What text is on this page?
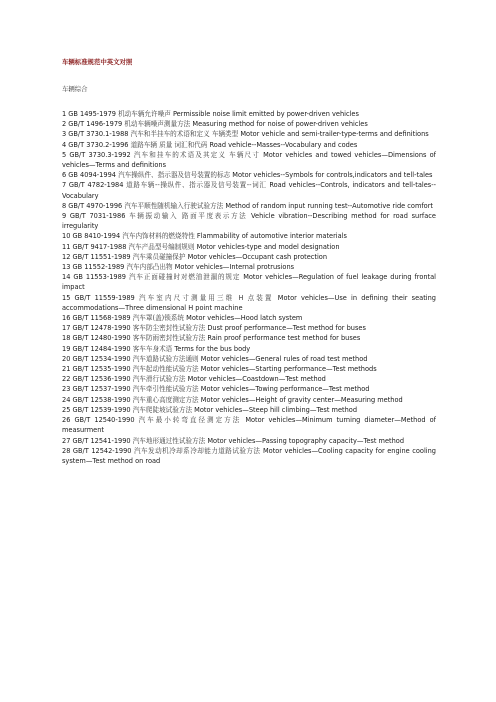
车辆标准规范中英文对照
车辆综合
1 GB 1495-1979 机动车辆允许噪声 Permissible noise limit emitted by power-driven vehicles
2 GB/T 1496-1979 机动车辆噪声测量方法 Measuring method for noise of power-driven vehicles
3 GB/T 3730.1-1988 汽车和半挂车的术语和定义 车辆类型 Motor vehicle and semi-trailer-type-terms and definitions
4 GB/T 3730.2-1996 道路车辆 质量 词汇和代码 Road vehicle--Masses--Vocabulary and codes
5 GB/T 3730.3-1992 汽车和挂车的术语及其定义 车辆尺寸 Motor vehicles and towed vehicles—Dimensions of vehicles—Terms and definitions
6 GB 4094-1994 汽车操纵件、指示器及信号装置的标志 Motor vehicles--Symbols for controls,indicators and tell-tales
7 GB/T 4782-1984 道路车辆--操纵件、指示器及信号装置--词汇 Road vehicles--Controls, indicators and tell-tales--Vocabulary
8 GB/T 4970-1996 汽车平顺性随机输入行驶试验方法 Method of random input running test--Automotive ride comfort
9 GB/T 7031-1986 车辆振动输入 路面平度表示方法 Vehicle vibration--Describing method for road surface irregularity
10 GB 8410-1994 汽车内饰材料的燃烧特性 Flammability of automotive interior materials
11 GB/T 9417-1988 汽车产品型号编制规则 Motor vehicles-type and model designation
12 GB/T 11551-1989 汽车乘员碰撞保护 Motor vehicles—Occupant cash protection
13 GB 11552-1989 汽车内部凸出物 Motor vehicles—Internal protrusions
14 GB 11553-1989 汽车正面碰撞时对燃油泄漏的规定 Motor vehicles—Regulation of fuel leakage during frontal impact
15 GB/T 11559-1989 汽车室内尺寸测量用三维 H 点装置 Motor vehicles—Use in defining their seating accommodations—Three dimensional H point machine
16 GB/T 11568-1989 汽车罩(盖)锁系统 Motor vehicles—Hood latch system
17 GB/T 12478-1990 客车防尘密封性试验方法 Dust proof performance—Test method for buses
18 GB/T 12480-1990 客车防雨密封性试验方法 Rain proof performance test method for buses
19 GB/T 12484-1990 客车车身术语 Terms for the bus body
20 GB/T 12534-1990 汽车道路试验方法通则 Motor vehicles—General rules of road test method
21 GB/T 12535-1990 汽车起动性能试验方法 Motor vehicles—Starting performance—Test methods
22 GB/T 12536-1990 汽车滑行试验方法 Motor vehicles—Coastdown—Test method
23 GB/T 12537-1990 汽车牵引性能试验方法 Motor vehicles—Towing performance—Test method
24 GB/T 12538-1990 汽车重心高度测定方法 Motor vehicles—Height of gravity center—Measuring method
25 GB/T 12539-1990 汽车爬陡坡试验方法 Motor vehicles—Steep hill climbing—Test method
26 GB/T 12540-1990 汽车最小转弯直径测定方法 Motor vehicles—Minimum turning diameter—Method of measurment
27 GB/T 12541-1990 汽车地形通过性试验方法 Motor vehicles—Passing topography capacity—Test method
28 GB/T 12542-1990 汽车发动机冷却系冷却能力道路试验方法 Motor vehicles—Cooling capacity for engine cooling system—Test method on road
